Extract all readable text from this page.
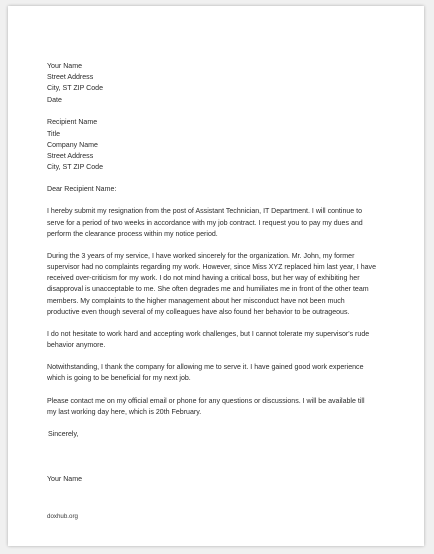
Your Name
Street Address
City, ST ZIP Code
Date
Recipient Name
Title
Company Name
Street Address
City, ST ZIP Code
Dear Recipient Name:
I hereby submit my resignation from the post of Assistant Technician, IT Department. I will continue to
serve for a period of two weeks in accordance with my job contract. I request you to pay my dues and
perform the clearance process within my notice period.
During the 3 years of my service, I have worked sincerely for the organization. Mr. John, my former
supervisor had no complaints regarding my work. However, since Miss XYZ replaced him last year, I have
received over-criticism for my work. I do not mind having a critical boss, but her way of exhibiting her
disapproval is unacceptable to me. She often degrades me and humiliates me in front of the other team
members. My complaints to the higher management about her misconduct have not been much
productive even though several of my colleagues have also found her behavior to be outrageous.
I do not hesitate to work hard and accepting work challenges, but I cannot tolerate my supervisor's rude
behavior anymore.
Notwithstanding, I thank the company for allowing me to serve it. I have gained good work experience
which is going to be beneficial for my next job.
Please contact me on my official email or phone for any questions or discussions. I will be available till
my last working day here, which is 20th February.
Sincerely,
Your Name
doxhub.org
